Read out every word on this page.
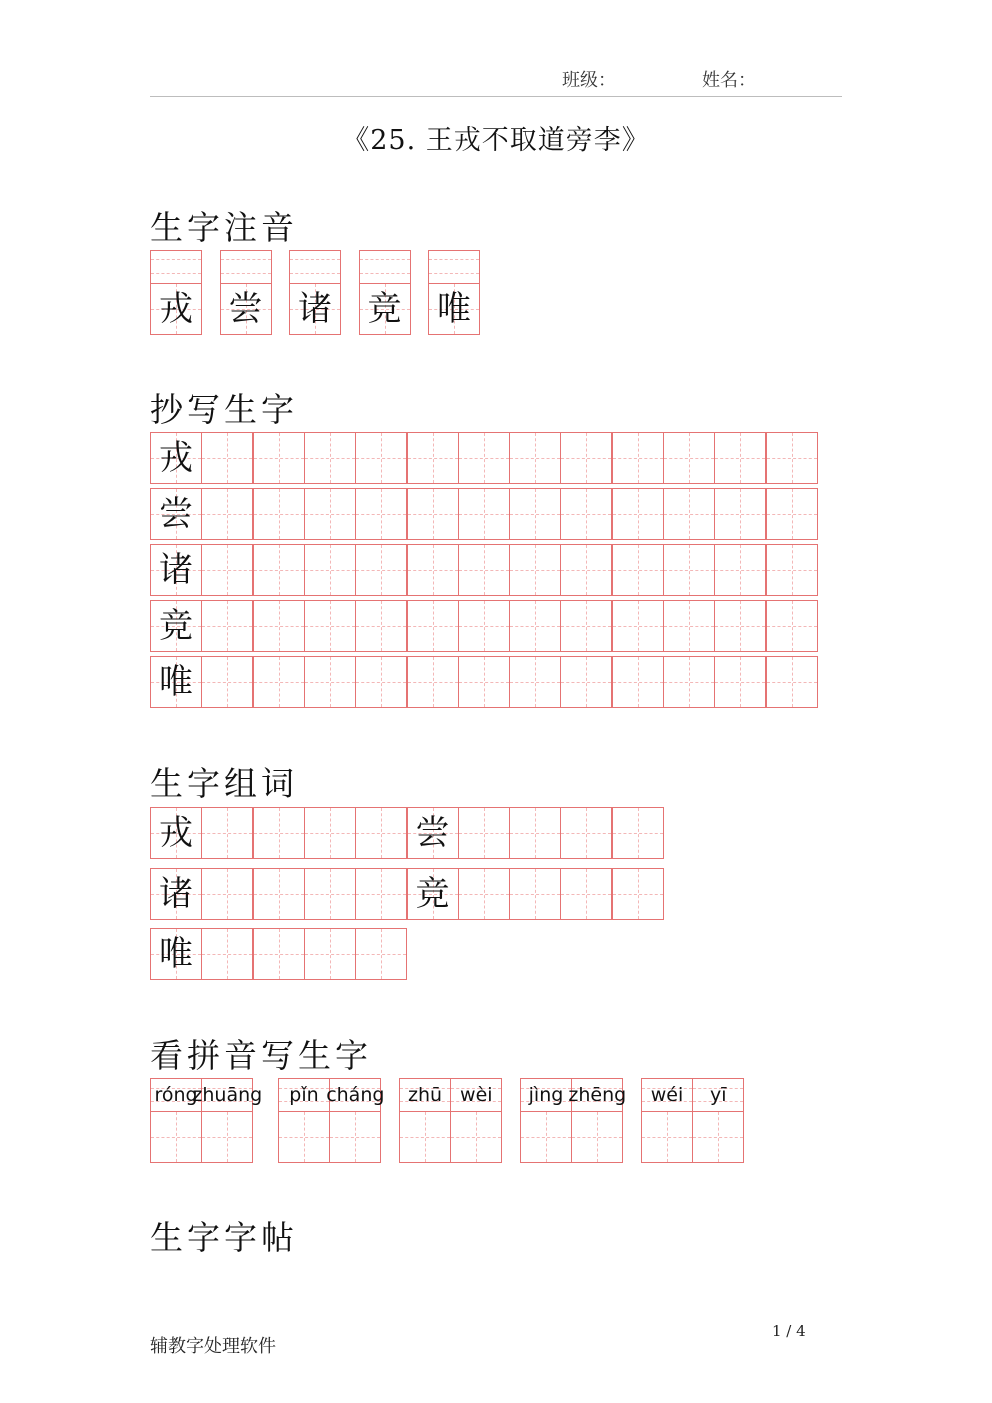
班级：	姓名：
《25. 王戎不取道旁李》
生字注音
抄写生字
生字组词
看拼音写生字
生字字帖
戎 尝 诸 竞 唯
戎
尝
诸
竞
唯
戎	尝
诸	竞
唯
róng
zhuāng pǐn cháng zhū wèi jìng zhēng wéi yī
辅教字处理软件
1 / 4
